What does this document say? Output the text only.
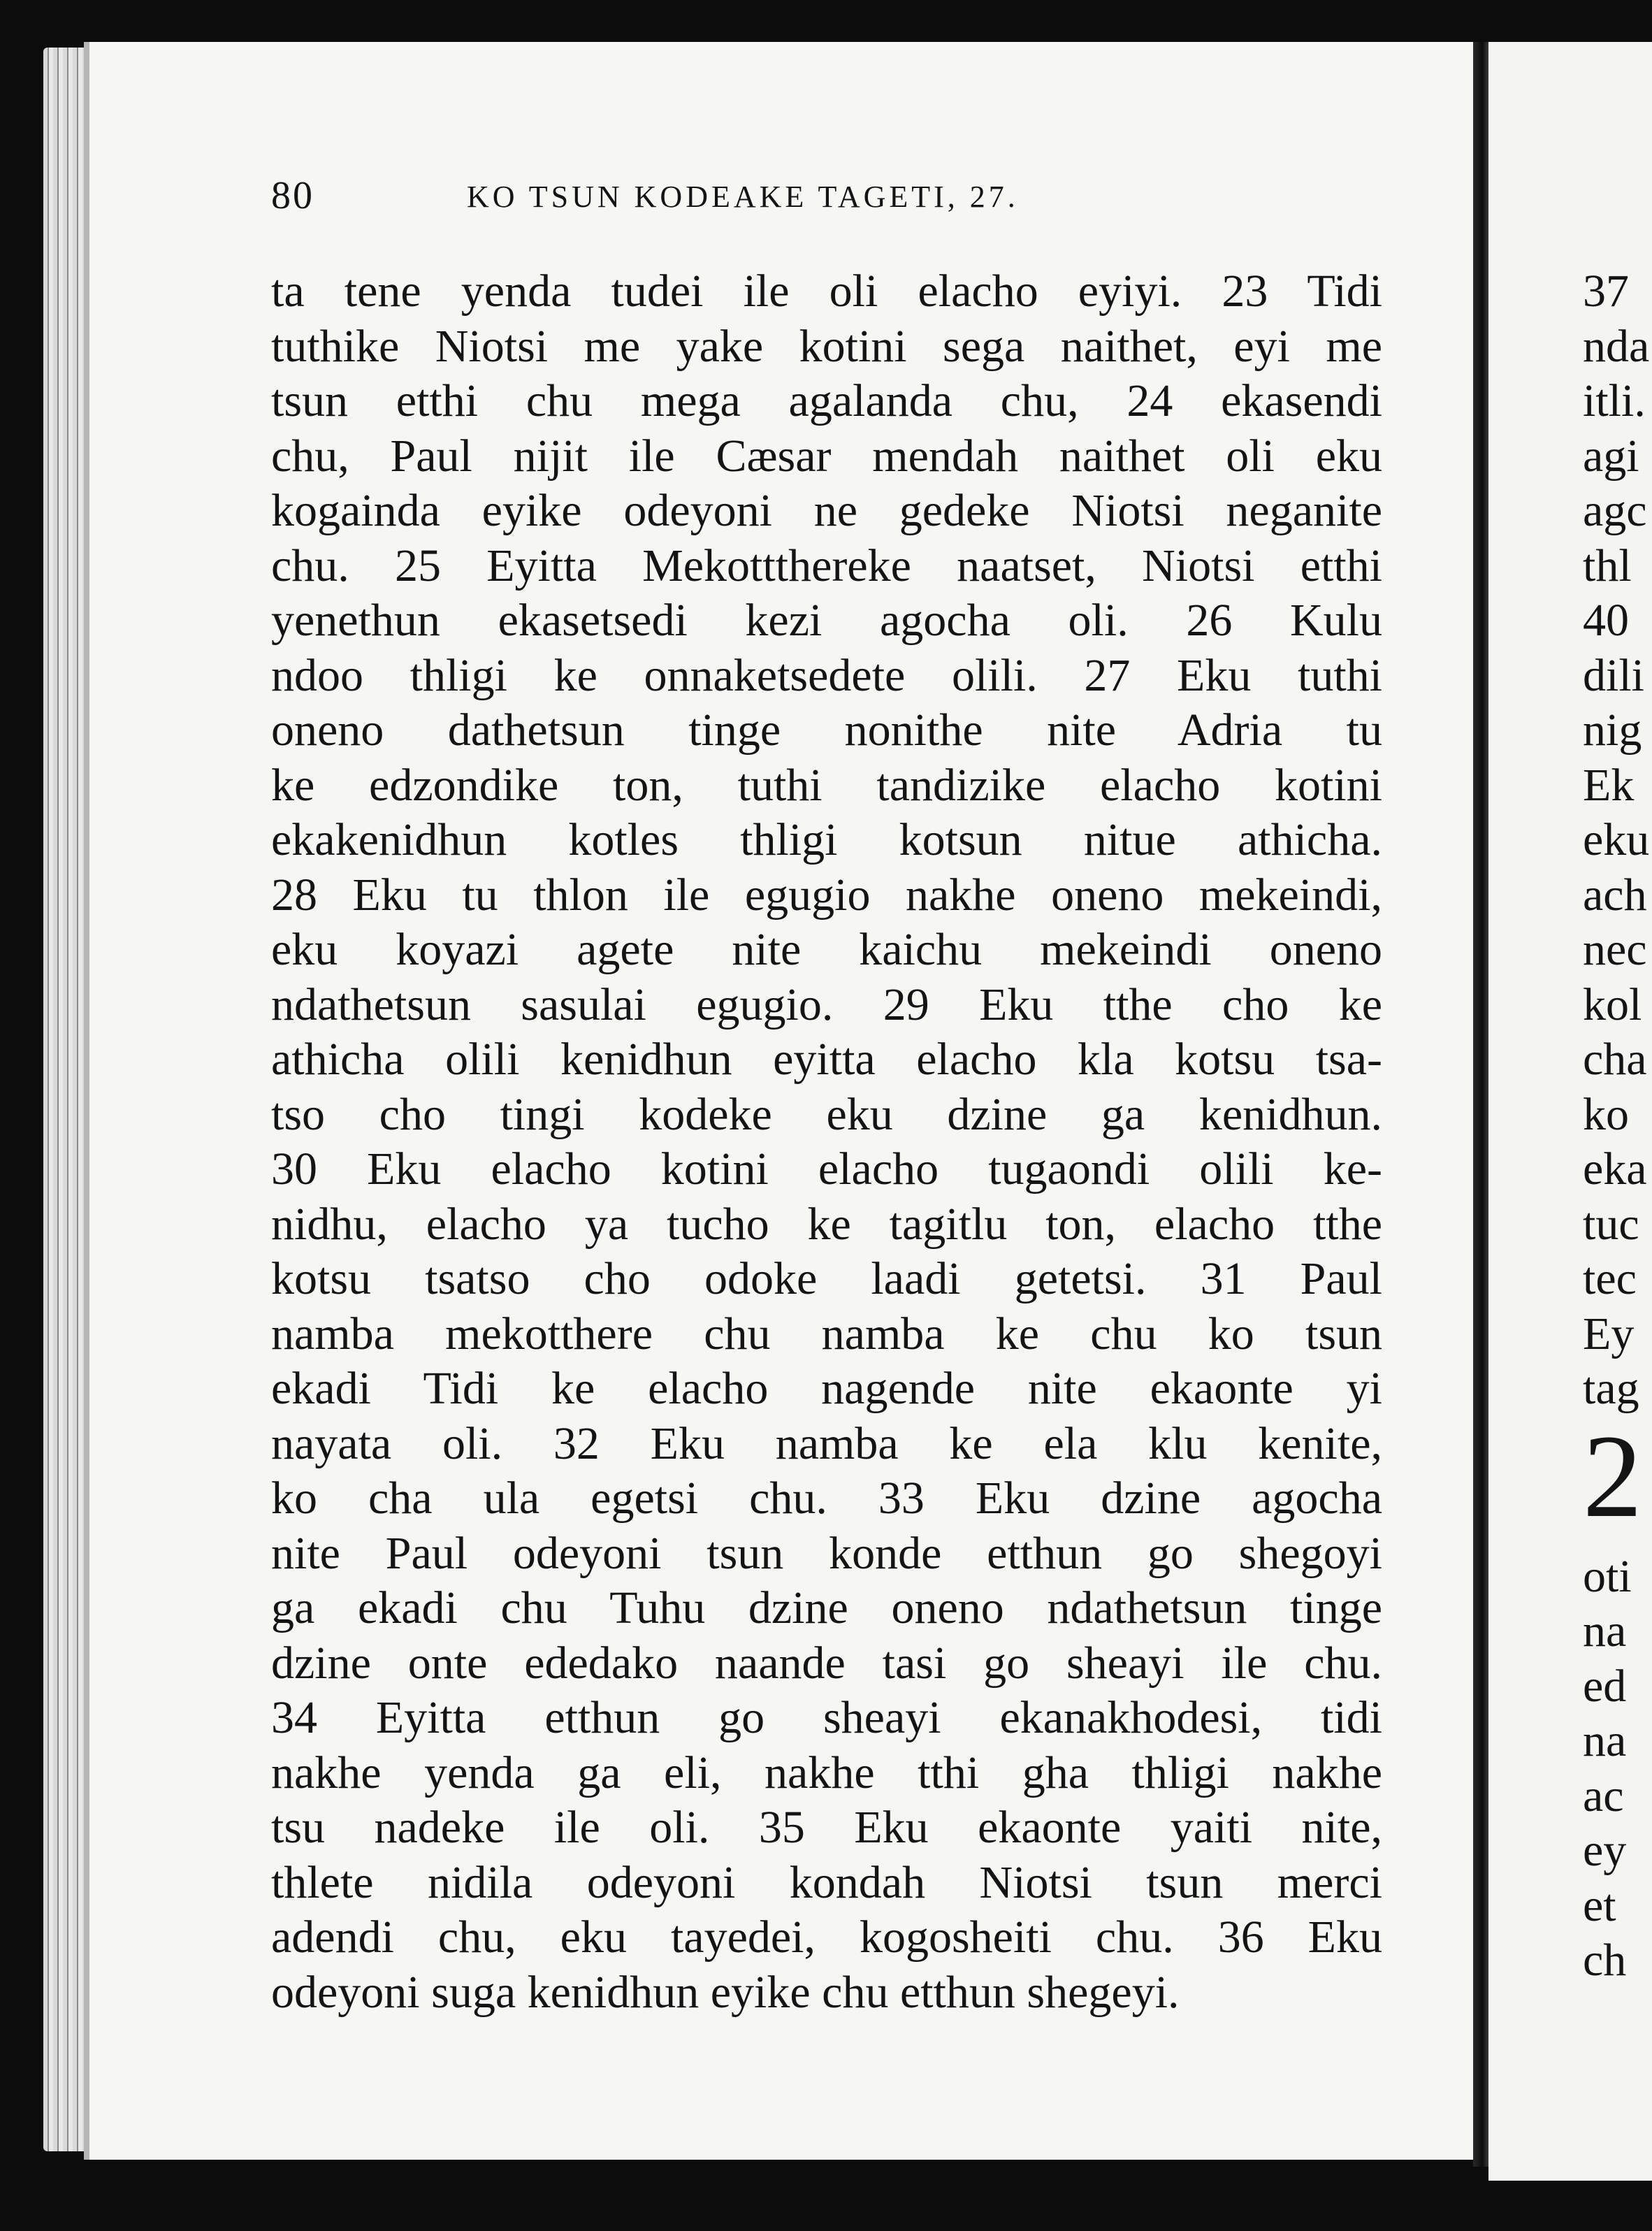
80	KO TSUN KODEAKE TAGETI, 27.
ta tene yenda tudei ile oli elacho eyiyi. 23 Tidi
tuthike Niotsi me yake kotini sega naithet, eyi me
tsun etthi chu mega agalanda chu, 24 ekasendi
chu, Paul nijit ile Cæsar mendah naithet oli eku
kogainda eyike odeyoni ne gedeke Niotsi neganite
chu. 25 Eyitta Mekottthereke naatset, Niotsi etthi
yenethun ekasetsedi kezi agocha oli. 26 Kulu
ndoo thligi ke onnaketsedete olili. 27 Eku tuthi
oneno dathetsun tinge nonithe nite Adria tu
ke edzondike ton, tuthi tandizike elacho kotini
ekakenidhun kotles thligi kotsun nitue athicha.
28 Eku tu thlon ile egugio nakhe oneno mekeindi,
eku koyazi agete nite kaichu mekeindi oneno
ndathetsun sasulai egugio. 29 Eku tthe cho ke
athicha olili kenidhun eyitta elacho kla kotsu tsa-
tso cho tingi kodeke eku dzine ga kenidhun.
30 Eku elacho kotini elacho tugaondi olili ke-
nidhu, elacho ya tucho ke tagitlu ton, elacho tthe
kotsu tsatso cho odoke laadi getetsi. 31 Paul
namba mekotthere chu namba ke chu ko tsun
ekadi Tidi ke elacho nagende nite ekaonte yi
nayata oli. 32 Eku namba ke ela klu kenite,
ko cha ula egetsi chu. 33 Eku dzine agocha
nite Paul odeyoni tsun konde etthun go shegoyi
ga ekadi chu Tuhu dzine oneno ndathetsun tinge
dzine onte ededako naande tasi go sheayi ile chu.
34 Eyitta etthun go sheayi ekanakhodesi, tidi
nakhe yenda ga eli, nakhe tthi gha thligi nakhe
tsu nadeke ile oli. 35 Eku ekaonte yaiti nite,
thlete nidila odeyoni kondah Niotsi tsun merci
adendi chu, eku tayedei, kogosheiti chu. 36 Eku
odeyoni suga kenidhun eyike chu etthun shegeyi.
37
nda
itli.
agi
agc
thl
40
dili
nig
Ek
eku
ach
nec
kol
cha
ko
eka
tuc
tec
Ey
tag
2
oti
na
ed
na
ac
ey
et
ch
